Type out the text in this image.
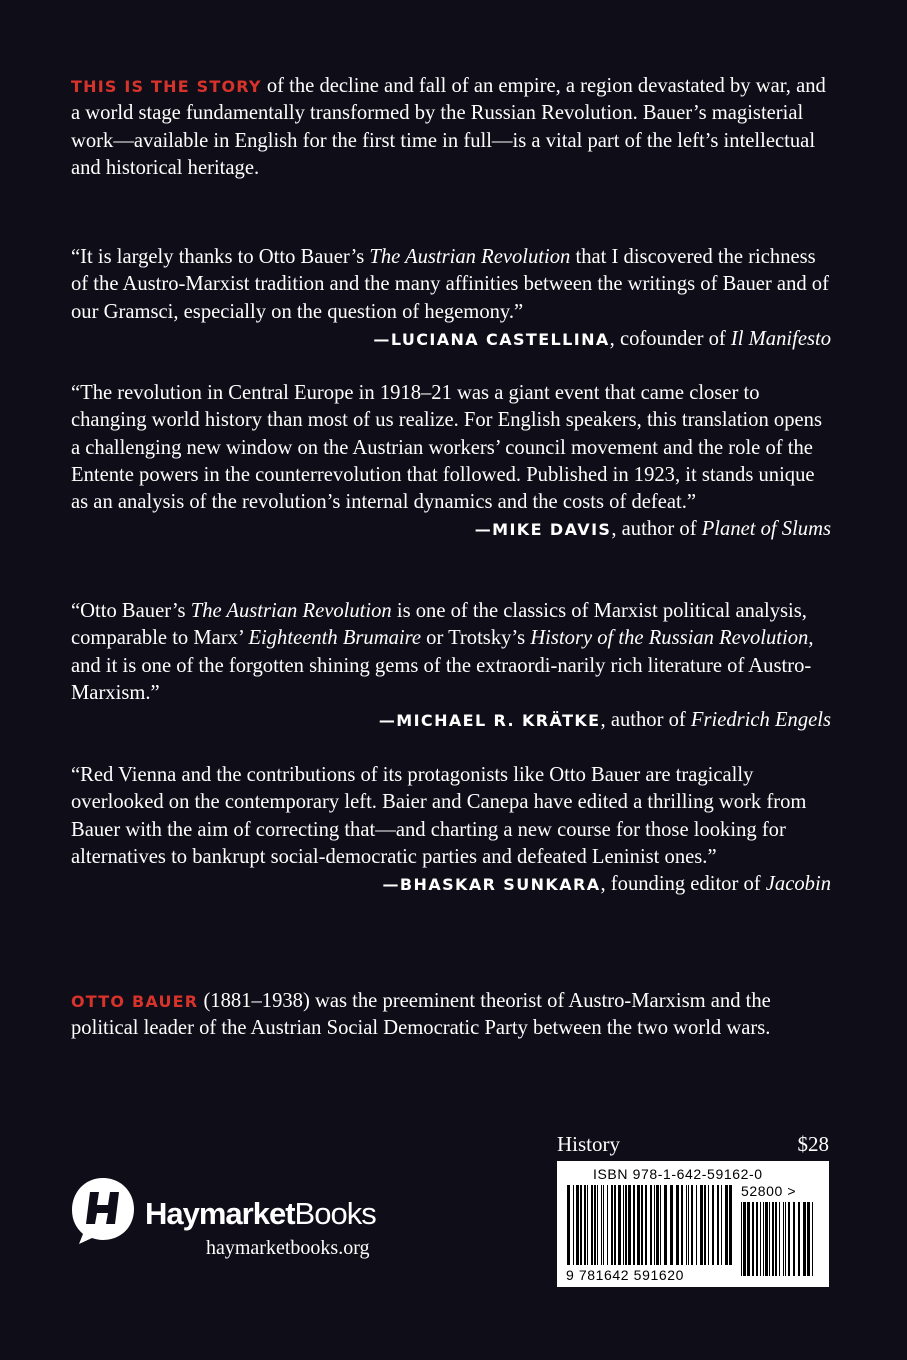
THIS IS THE STORY of the decline and fall of an empire, a region devastated by war, and a world stage fundamentally transformed by the Russian Revolution. Bauer’s magisterial work—available in English for the first time in full—is a vital part of the left’s intellectual and historical heritage.
“It is largely thanks to Otto Bauer’s The Austrian Revolution that I discovered the richness of the Austro-Marxist tradition and the many affinities between the writings of Bauer and of our Gramsci, especially on the question of hegemony.”
—LUCIANA CASTELLINA, cofounder of Il Manifesto
“The revolution in Central Europe in 1918–21 was a giant event that came closer to changing world history than most of us realize. For English speakers, this translation opens a challenging new window on the Austrian workers’ council movement and the role of the Entente powers in the counterrevolution that followed. Published in 1923, it stands unique as an analysis of the revolution’s internal dynamics and the costs of defeat.”
—MIKE DAVIS, author of Planet of Slums
“Otto Bauer’s The Austrian Revolution is one of the classics of Marxist political analysis, comparable to Marx’ Eighteenth Brumaire or Trotsky’s History of the Russian Revolution, and it is one of the forgotten shining gems of the extraordi-narily rich literature of Austro-Marxism.”
—MICHAEL R. KRÄTKE, author of Friedrich Engels
“Red Vienna and the contributions of its protagonists like Otto Bauer are tragically overlooked on the contemporary left. Baier and Canepa have edited a thrilling work from Bauer with the aim of correcting that—and charting a new course for those looking for alternatives to bankrupt social-democratic parties and defeated Leninist ones.”
—BHASKAR SUNKARA, founding editor of Jacobin
OTTO BAUER (1881–1938) was the preeminent theorist of Austro-Marxism and the political leader of the Austrian Social Democratic Party between the two world wars.
History	$28
ISBN 978-1-642-59162-0
52800 >
9 781642 591620
HaymarketBooks
haymarketbooks.org
